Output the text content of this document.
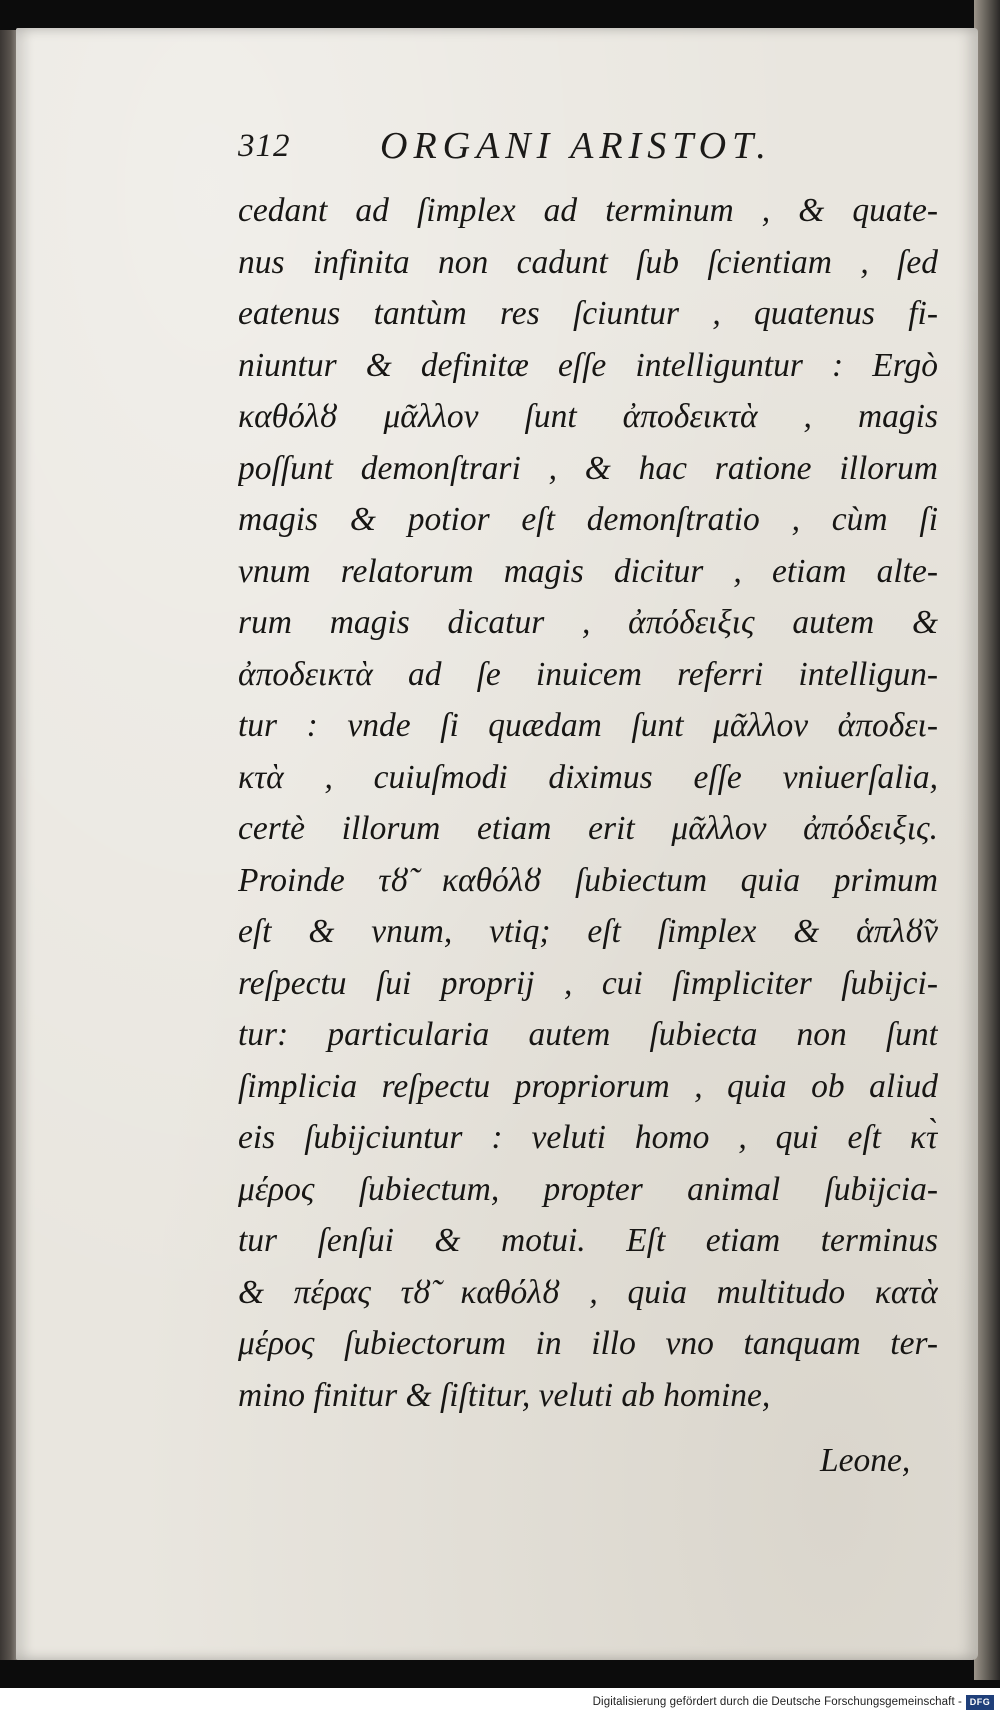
312 ORGANI ARISTOT.
cedant ad ſimplex ad terminum , & quate-
nus infinita non cadunt ſub ſcientiam , ſed
eatenus tantùm res ſciuntur , quatenus fi-
niuntur & definitæ eſſe intelliguntur : Ergò
καθόλȣ μᾶλλον ſunt ἀποδεικτὰ , magis
poſſunt demonſtrari , & hac ratione illorum
magis & potior eſt demonſtratio , cùm ſi
vnum relatorum magis dicitur , etiam alte-
rum magis dicatur , ἀπόδειξις autem &
ἀποδεικτὰ ad ſe inuicem referri intelligun-
tur : vnde ſi quædam ſunt μᾶλλον ἀποδει-
κτὰ , cuiuſmodi diximus eſſe vniuerſalia,
certè illorum etiam erit μᾶλλον ἀπόδειξις.
Proinde τȣ̃ καθόλȣ ſubiectum quia primum
eſt & vnum, vtiq; eſt ſimplex & ἁπλȣ̃ν
reſpectu ſui proprij , cui ſimpliciter ſubijci-
tur: particularia autem ſubiecta non ſunt
ſimplicia reſpectu propriorum , quia ob aliud
eis ſubijciuntur : veluti homo , qui eſt κτ̀
μέρος ſubiectum, propter animal ſubijcia-
tur ſenſui & motui. Eſt etiam terminus
& πέρας τȣ̃ καθόλȣ , quia multitudo κατὰ
μέρος ſubiectorum in illo vno tanquam ter-
mino finitur & ſiſtitur, veluti ab homine,
Leone,
Digitalisierung gefördert durch die Deutsche Forschungsgemeinschaft - DFG
